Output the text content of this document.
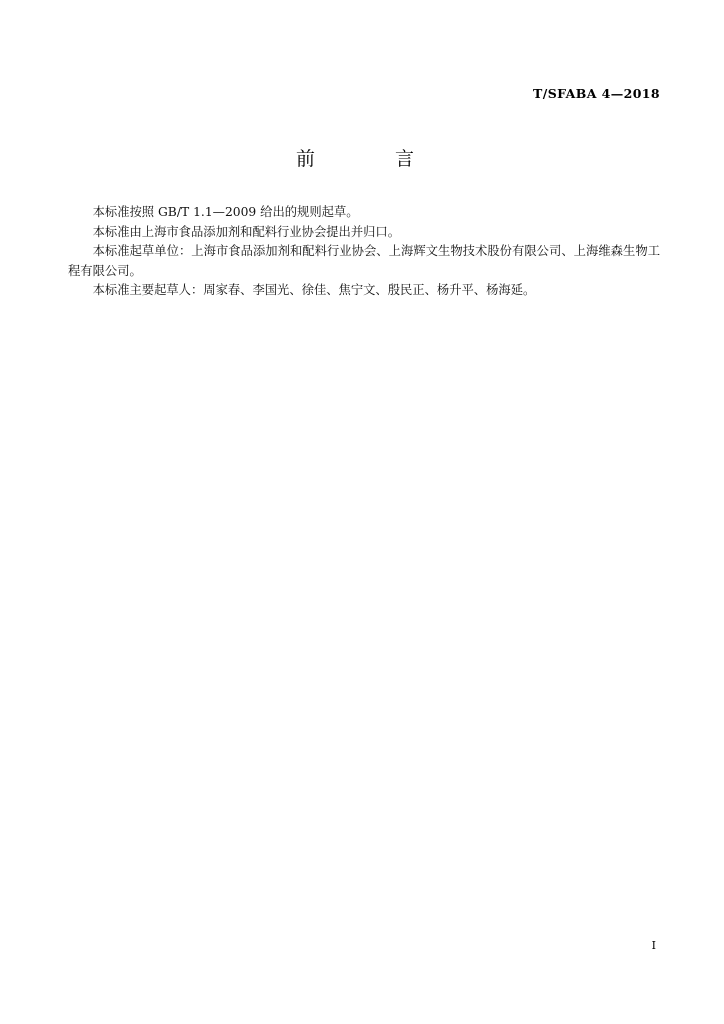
T/SFABA 4—2018
前　　言

本标准按照 GB/T 1.1—2009 给出的规则起草。

本标准由上海市食品添加剂和配料行业协会提出并归口。

本标准起草单位：上海市食品添加剂和配料行业协会、上海辉文生物技术股份有限公司、上海维森生物工程有限公司。

本标准主要起草人：周家春、李国光、徐佳、焦宁文、殷民正、杨升平、杨海延。

I
